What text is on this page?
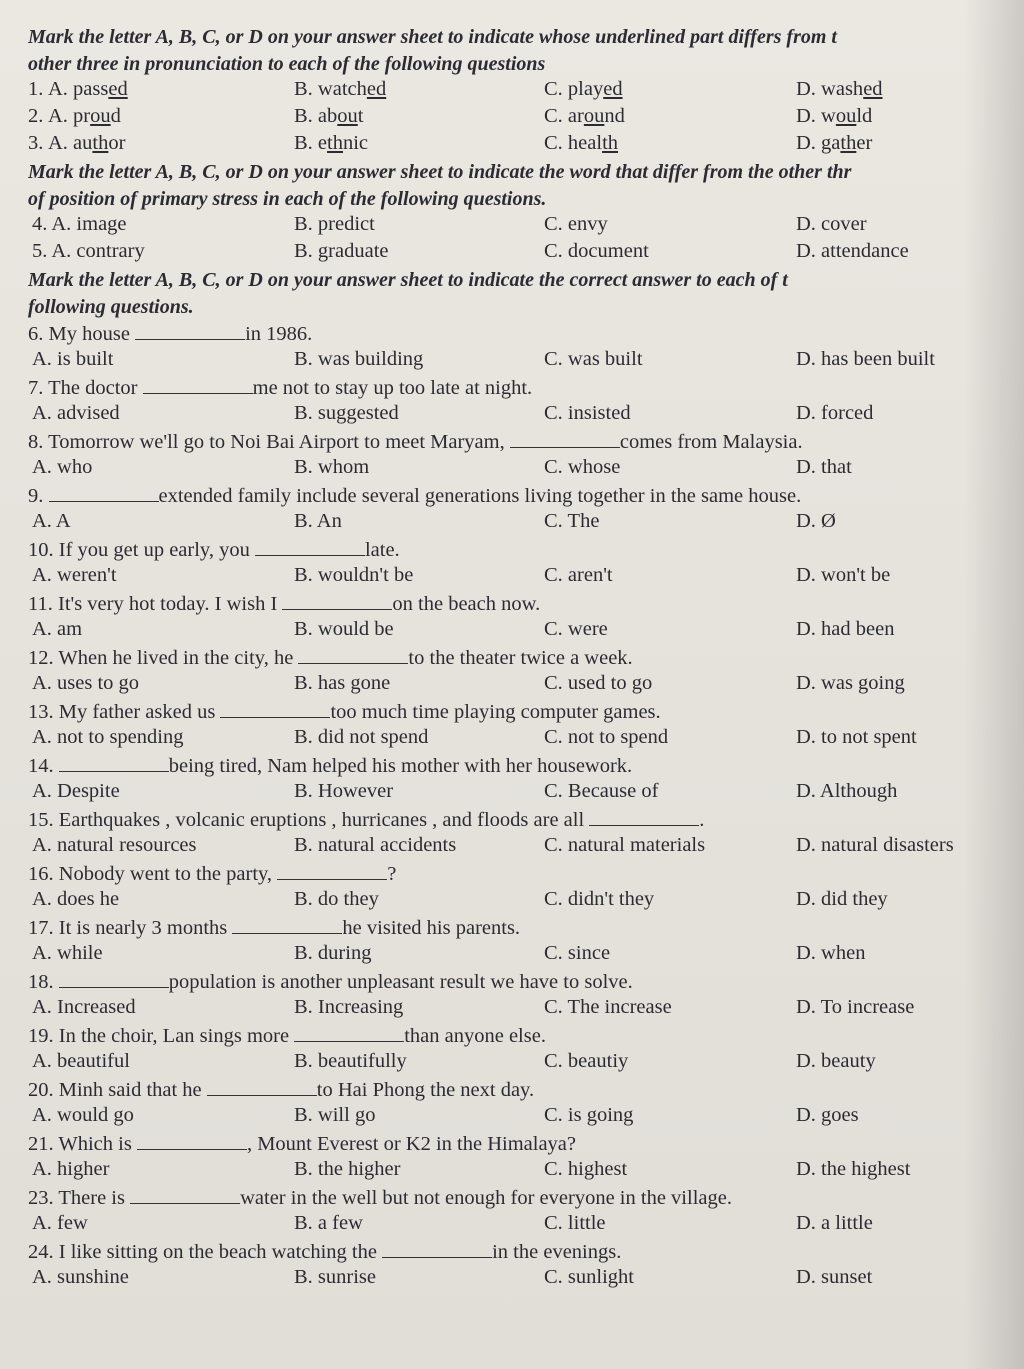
Mark the letter A, B, C, or D on your answer sheet to indicate whose underlined part differs from t
other three in pronunciation to each of the following questions
1. A. passed	B. watched	C. played	D. washed
2. A. proud	B. about	C. around	D. would
3. A. author	B. ethnic	C. health	D. gather
Mark the letter A, B, C, or D on your answer sheet to indicate the word that differ from the other thr
of position of primary stress in each of the following questions.
4. A. image	B. predict	C. envy	D. cover
5. A. contrary	B. graduate	C. document	D. attendance
Mark the letter A, B, C, or D on your answer sheet to indicate the correct answer to each of t
following questions.
6. My house	in 1986.
A. is built	B. was building	C. was built	D. has been built
7. The doctor	me not to stay up too late at night.
A. advised	B. suggested	C. insisted	D. forced
8. Tomorrow we'll go to Noi Bai Airport to meet Maryam,	comes from Malaysia.
A. who	B. whom	C. whose	D. that
9.	extended family include several generations living together in the same house.
A. A	B. An	C. The	D. Ø
10. If you get up early, you	late.
A. weren't	B. wouldn't be	C. aren't	D. won't be
11. It's very hot today. I wish I	on the beach now.
A. am	B. would be	C. were	D. had been
12. When he lived in the city, he	to the theater twice a week.
A. uses to go	B. has gone	C. used to go	D. was going
13. My father asked us	too much time playing computer games.
A. not to spending	B. did not spend	C. not to spend	D. to not spent
14.	being tired, Nam helped his mother with her housework.
A. Despite	B. However	C. Because of	D. Although
15. Earthquakes , volcanic eruptions , hurricanes , and floods are all	.
A. natural resources	B. natural accidents	C. natural materials	D. natural disasters
16. Nobody went to the party,	?
A. does he	B. do they	C. didn't they	D. did they
17. It is nearly 3 months	he visited his parents.
A. while	B. during	C. since	D. when
18.	population is another unpleasant result we have to solve.
A. Increased	B. Increasing	C. The increase	D. To increase
19. In the choir, Lan sings more	than anyone else.
A. beautiful	B. beautifully	C. beautiy	D. beauty
20. Minh said that he	to Hai Phong the next day.
A. would go	B. will go	C. is going	D. goes
21. Which is	, Mount Everest or K2 in the Himalaya?
A. higher	B. the higher	C. highest	D. the highest
23. There is	water in the well but not enough for everyone in the village.
A. few	B. a few	C. little	D. a little
24. I like sitting on the beach watching the	in the evenings.
A. sunshine	B. sunrise	C. sunlight	D. sunset
